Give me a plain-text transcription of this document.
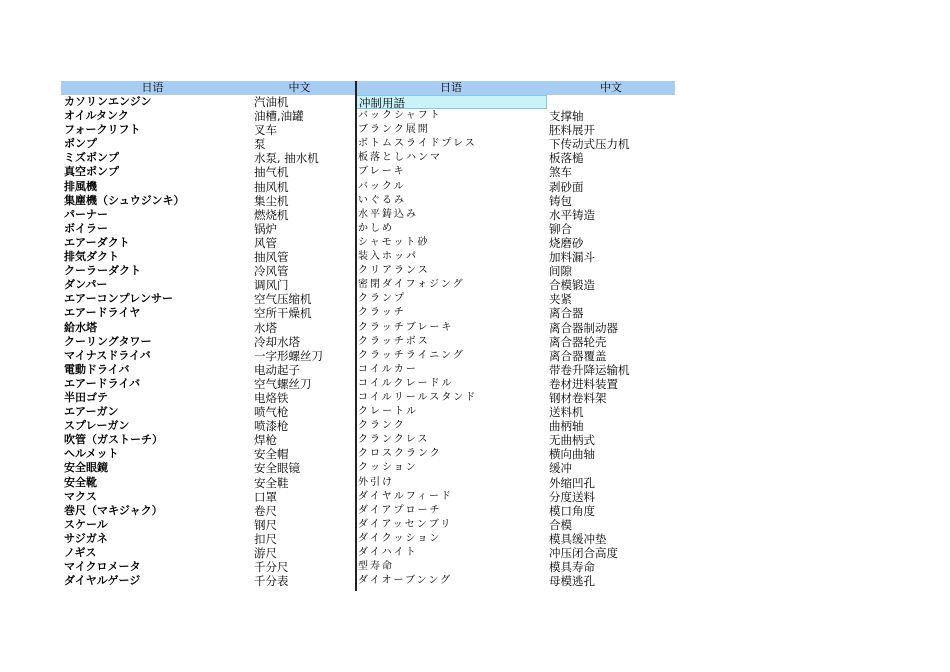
日语	中文	日语	中文
カソリンエンジン	汽油机	冲制用語
オイルタンク	油槽,油罐	バックシャフト	支撑轴
フォークリフト	叉车	ブランク展開	胚料展开
ポンプ	泵	ボトムスライドプレス	下传动式压力机
ミズポンプ	水泵, 抽水机	板落としハンマ	板落槌
真空ポンプ	抽气机	ブレーキ	煞车
排風機	抽风机	バックル	剥砂面
集塵機（シュウジンキ）	集尘机	いぐるみ	铸包
パーナー	燃烧机	水平鋳込み	水平铸造
ボイラー	锅炉	かしめ	铆合
エアーダクト	风管	シャモット砂	烧磨砂
排気ダクト	抽风管	装入ホッパ	加料漏斗
クーラーダクト	冷风管	クリアランス	间隙
ダンパー	调风门	密閉ダイフォジング	合模锻造
エアーコンプレンサー	空气压缩机	クランプ	夹紧
エアードライヤ	空所干燥机	クラッチ	离合器
給水塔	水塔	クラッチブレーキ	离合器制动器
クーリングタワー	冷却水塔	クラッチボス	离合器轮壳
マイナスドライバ	一字形螺丝刀	クラッチライニング	离合器覆盖
電動ドライバ	电动起子	コイルカー	带卷升降运输机
エアードライバ	空气螺丝刀	コイルクレードル	卷材进料装置
半田ゴテ	电烙铁	コイルリールスタンド	钢材卷料架
エアーガン	喷气枪	クレートル	送料机
スプレーガン	喷漆枪	クランク	曲柄轴
吹管（ガストーチ）	焊枪	クランクレス	无曲柄式
ヘルメット	安全帽	クロスクランク	横向曲轴
安全眼鏡	安全眼镜	クッション	缓冲
安全靴	安全鞋	外引け	外缩凹孔
マクス	口罩	ダイヤルフィード	分度送料
巻尺（マキジャク）	卷尺	ダイアプローチ	模口角度
スケール	钢尺	ダイアッセンブリ	合模
サジガネ	扣尺	ダイクッション	模具缓冲垫
ノギス	游尺	ダイハイト	冲压闭合高度
マイクロメータ	千分尺	型寿命	模具寿命
ダイヤルゲージ	千分表	ダイオーブンング	母模逃孔
